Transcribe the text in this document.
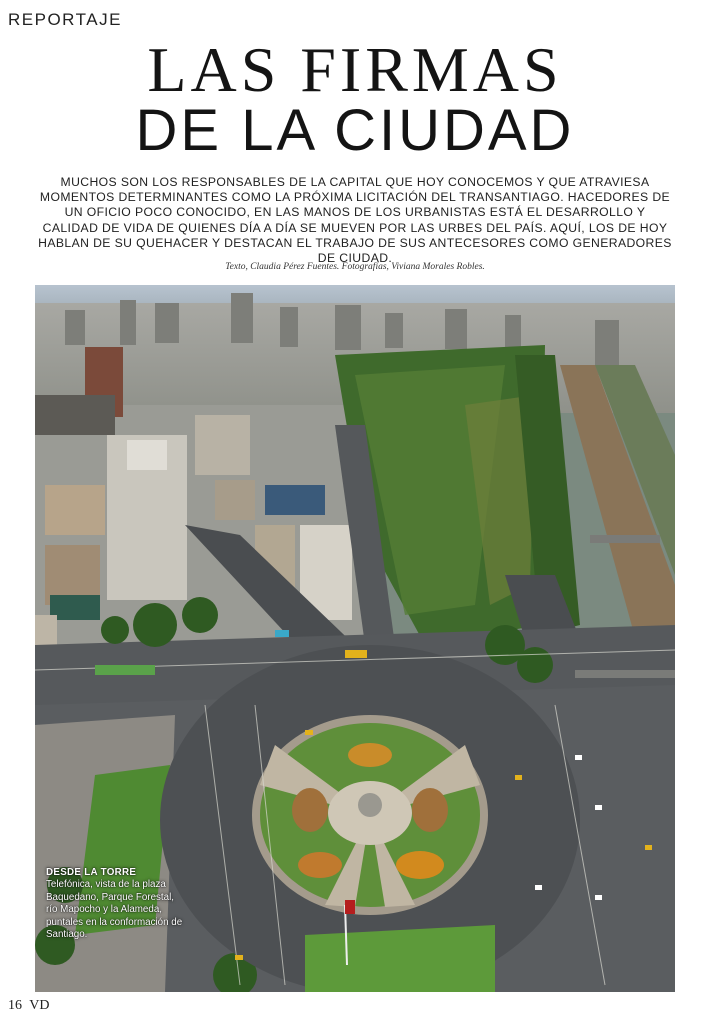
REPORTAJE
LAS FIRMAS
DE LA CIUDAD
MUCHOS SON LOS RESPONSABLES DE LA CAPITAL QUE HOY CONOCEMOS Y QUE ATRAVIESA MOMENTOS DETERMINANTES COMO LA PRÓXIMA LICITACIÓN DEL TRANSANTIAGO. HACEDORES DE UN OFICIO POCO CONOCIDO, EN LAS MANOS DE LOS URBANISTAS ESTÁ EL DESARROLLO Y CALIDAD DE VIDA DE QUIENES DÍA A DÍA SE MUEVEN POR LAS URBES DEL PAÍS. AQUÍ, LOS DE HOY HABLAN DE SU QUEHACER Y DESTACAN EL TRABAJO DE SUS ANTECESORES COMO GENERADORES DE CIUDAD.
Texto, Claudia Pérez Fuentes. Fotografías, Viviana Morales Robles.
DESDE LA TORRE
Telefónica, vista de la plaza Baquedano, Parque Forestal, río Mapocho y la Alameda, puntales en la conformación de Santiago.
16 VD
